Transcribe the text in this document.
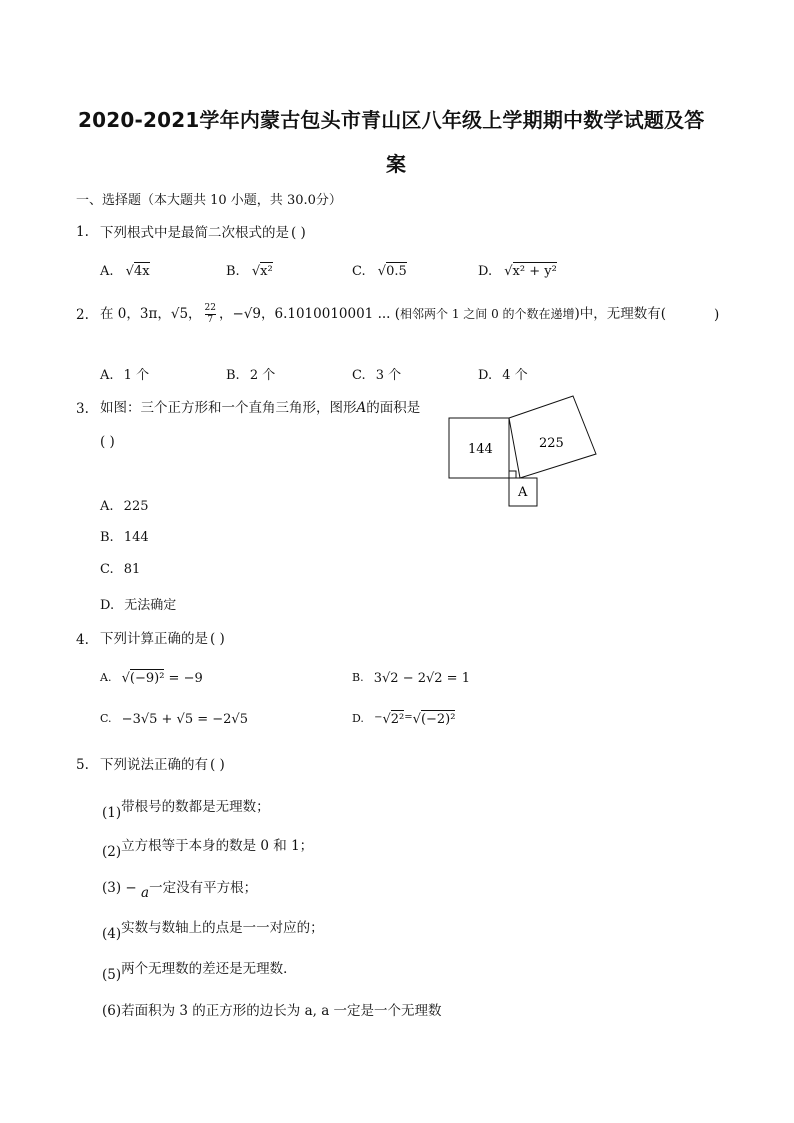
2020-2021学年内蒙古包头市青山区八年级上学期期中数学试题及答
案
一、选择题（本大题共 10 小题，共 30.0分）
1. 下列根式中是最简二次根式的是 ( )
A. √4x	B. √x²	C. √0.5	D. √x² + y²
2. 在 0，3π，√5， $\frac{22}{7}$ ，−√9，6.1010010001 ... (相邻两个 1 之间 0 的个数在递增)中，无理数有(	)
A. 1 个	B. 2 个	C. 3 个	D. 4 个
3. 如图：三个正方形和一个直角三角形，图形A的面积是
( )	144	225
A
A. 225
B. 144
C. 81
D. 无法确定
4. 下列计算正确的是 ( )
$^{A.}$ √(−9)² = −9	$^{B.}$ 3√2 − 2√2 = 1
$^{C.}$ −3√5 + √5 = −2√5	$^{D.}$ −√2²=√(−2)²
5. 下列说法正确的有 ( )
(1)带根号的数都是无理数；
(2)立方根等于本身的数是 0 和 1；
(3) − a一定没有平方根；
(4)实数与数轴上的点是一一对应的；
(5)两个无理数的差还是无理数．
(6)若面积为 3 的正方形的边长为 a, a 一定是一个无理数
